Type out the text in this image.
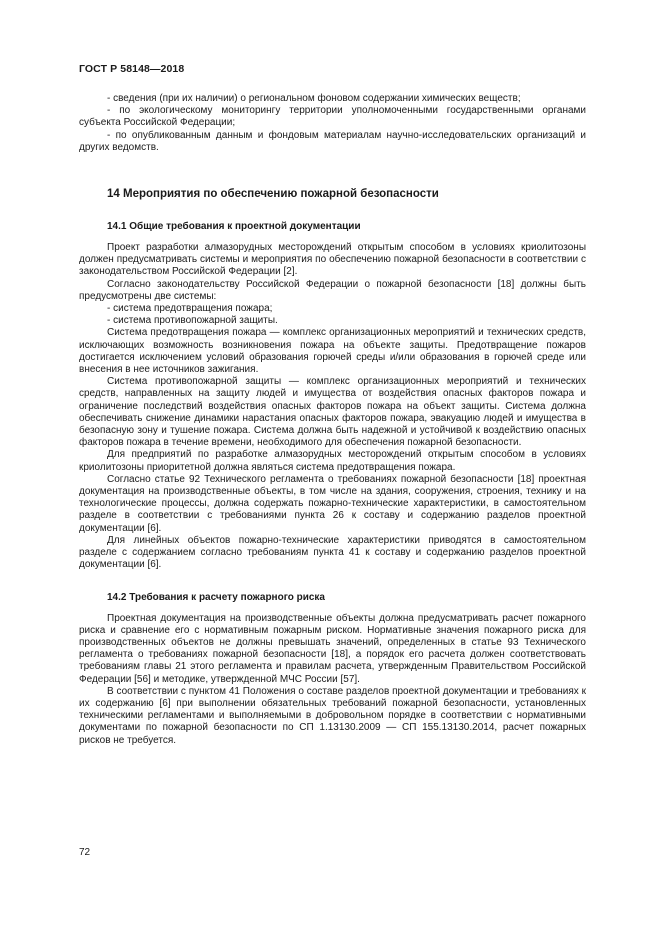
ГОСТ Р 58148—2018

- сведения (при их наличии) о региональном фоновом содержании химических веществ;

- по экологическому мониторингу территории уполномоченными государственными органами субъекта Российской Федерации;

- по опубликованным данным и фондовым материалам научно-исследовательских организаций и других ведомств.

14 Мероприятия по обеспечению пожарной безопасности
14.1 Общие требования к проектной документации

Проект разработки алмазорудных месторождений открытым способом в условиях криолитозоны должен предусматривать системы и мероприятия по обеспечению пожарной безопасности в соответствии с законодательством Российской Федерации [2].

Согласно законодательству Российской Федерации о пожарной безопасности [18] должны быть предусмотрены две системы:

- система предотвращения пожара;

- система противопожарной защиты.

Система предотвращения пожара — комплекс организационных мероприятий и технических средств, исключающих возможность возникновения пожара на объекте защиты. Предотвращение пожаров достигается исключением условий образования горючей среды и/или образования в горючей среде или внесения в нее источников зажигания.

Система противопожарной защиты — комплекс организационных мероприятий и технических средств, направленных на защиту людей и имущества от воздействия опасных факторов пожара и ограничение последствий воздействия опасных факторов пожара на объект защиты. Система должна обеспечивать снижение динамики нарастания опасных факторов пожара, эвакуацию людей и имущества в безопасную зону и тушение пожара. Система должна быть надежной и устойчивой к воздействию опасных факторов пожара в течение времени, необходимого для обеспечения пожарной безопасности.

Для предприятий по разработке алмазорудных месторождений открытым способом в условиях криолитозоны приоритетной должна являться система предотвращения пожара.

Согласно статье 92 Технического регламента о требованиях пожарной безопасности [18] проектная документация на производственные объекты, в том числе на здания, сооружения, строения, технику и на технологические процессы, должна содержать пожарно-технические характеристики, в самостоятельном разделе в соответствии с требованиями пункта 26 к составу и содержанию разделов проектной документации [6].

Для линейных объектов пожарно-технические характеристики приводятся в самостоятельном разделе с содержанием согласно требованиям пункта 41 к составу и содержанию разделов проектной документации [6].

14.2 Требования к расчету пожарного риска

Проектная документация на производственные объекты должна предусматривать расчет пожарного риска и сравнение его с нормативным пожарным риском. Нормативные значения пожарного риска для производственных объектов не должны превышать значений, определенных в статье 93 Технического регламента о требованиях пожарной безопасности [18], а порядок его расчета должен соответствовать требованиям главы 21 этого регламента и правилам расчета, утвержденным Правительством Российской Федерации [56] и методике, утвержденной МЧС России [57].

В соответствии с пунктом 41 Положения о составе разделов проектной документации и требованиях к их содержанию [6] при выполнении обязательных требований пожарной безопасности, установленных техническими регламентами и выполняемыми в добровольном порядке в соответствии с нормативными документами по пожарной безопасности по СП 1.13130.2009 — СП 155.13130.2014, расчет пожарных рисков не требуется.

72
